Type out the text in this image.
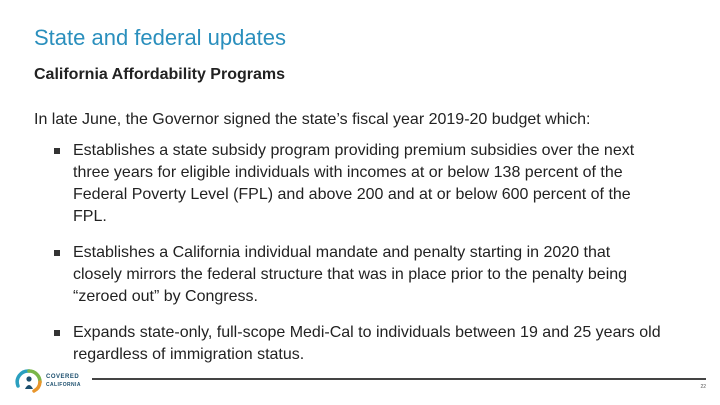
State and federal updates
California Affordability Programs
In late June, the Governor signed the state’s fiscal year 2019-20 budget which:
Establishes a state subsidy program providing premium subsidies over the next three years for eligible individuals with incomes at or below 138 percent of the Federal Poverty Level (FPL) and above 200 and at or below 600 percent of the FPL.
Establishes a California individual mandate and penalty starting in 2020 that closely mirrors the federal structure that was in place prior to the penalty being “zeroed out” by Congress.
Expands state-only, full-scope Medi-Cal to individuals between 19 and 25 years old regardless of immigration status.
COVERED
CALIFORNIA	22
